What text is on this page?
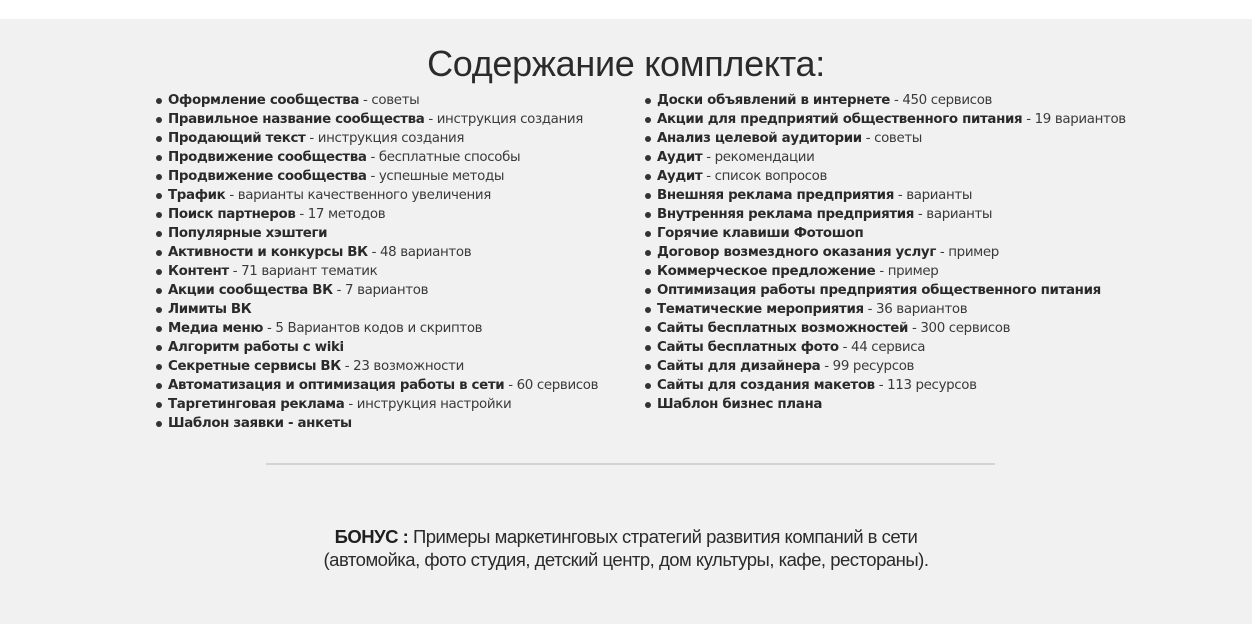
Содержание комплекта:
Оформление сообщества - советы
Правильное название сообщества - инструкция создания
Продающий текст - инструкция создания
Продвижение сообщества - бесплатные способы
Продвижение сообщества - успешные методы
Трафик - варианты качественного увеличения
Поиск партнеров - 17 методов
Популярные хэштеги
Активности и конкурсы ВК - 48 вариантов
Контент - 71 вариант тематик
Акции сообщества ВК - 7 вариантов
Лимиты ВК
Медиа меню - 5 Вариантов кодов и скриптов
Алгоритм работы с wiki
Секретные сервисы ВК - 23 возможности
Автоматизация и оптимизация работы в сети - 60 сервисов
Таргетинговая реклама - инструкция настройки
Шаблон заявки - анкеты
Доски объявлений в интернете - 450 сервисов
Акции для предприятий общественного питания - 19 вариантов
Анализ целевой аудитории - советы
Аудит - рекомендации
Аудит - список вопросов
Внешняя реклама предприятия - варианты
Внутренняя реклама предприятия - варианты
Горячие клавиши Фотошоп
Договор возмездного оказания услуг - пример
Коммерческое предложение - пример
Оптимизация работы предприятия общественного питания
Тематические мероприятия - 36 вариантов
Сайты бесплатных возможностей - 300 сервисов
Сайты бесплатных фото - 44 сервиса
Сайты для дизайнера - 99 ресурсов
Сайты для создания макетов - 113 ресурсов
Шаблон бизнес плана
БОНУС : Примеры маркетинговых стратегий развития компаний в сети
(автомойка, фото студия, детский центр, дом культуры, кафе, рестораны).
